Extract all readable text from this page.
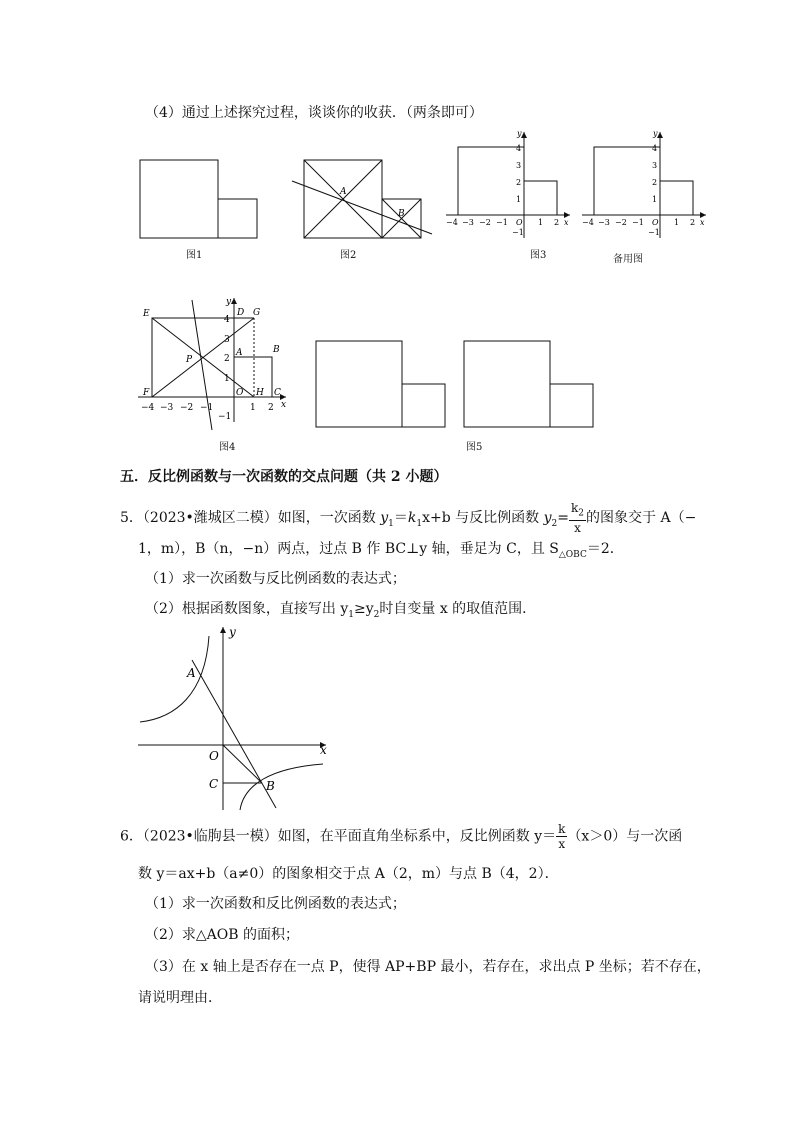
（4）通过上述探究过程，谈谈你的收获．（两条即可）
图1
A
B
图2
y
x
4
3
2
1
−1
−4 −3 −2 −1 O 1 2
图3
y
x
4
3
2
1
−1
−4 −3 −2 −1 O 1 2
备用图
E
F
D G
A	B
C
H
P
O
y
x
4
3
2
1
−1
−4 −3 −2 −1	1 2
图4	图5
五．反比例函数与一次函数的交点问题（共 2 小题）
5．（2023•潍城区二模）如图，一次函数 $y_1=k_1x+b$ 与反比例函数 $y_2= \frac{k_2}{x}$ 的图象交于 A（−
1，m），B（n，−n）两点，过点 B 作 BC⊥y 轴，垂足为 C，且 $S_{\triangle OBC}=2$．
（1）求一次函数与反比例函数的表达式；
（2）根据函数图象，直接写出 $y_1\ge y_2$时自变量 x 的取值范围．
A
B
C
O
y
x
6．（2023•临朐县一模）如图，在平面直角坐标系中，反比例函数 $y= \frac{k}{x} (x>0)$与一次函
数 y＝ax+b（a≠0）的图象相交于点 A（2，m）与点 B（4，2）．
（1）求一次函数和反比例函数的表达式；
（2）求△AOB 的面积；
（3）在 x 轴上是否存在一点 P，使得 AP+BP 最小，若存在，求出点 P 坐标；若不存在，
请说明理由．
